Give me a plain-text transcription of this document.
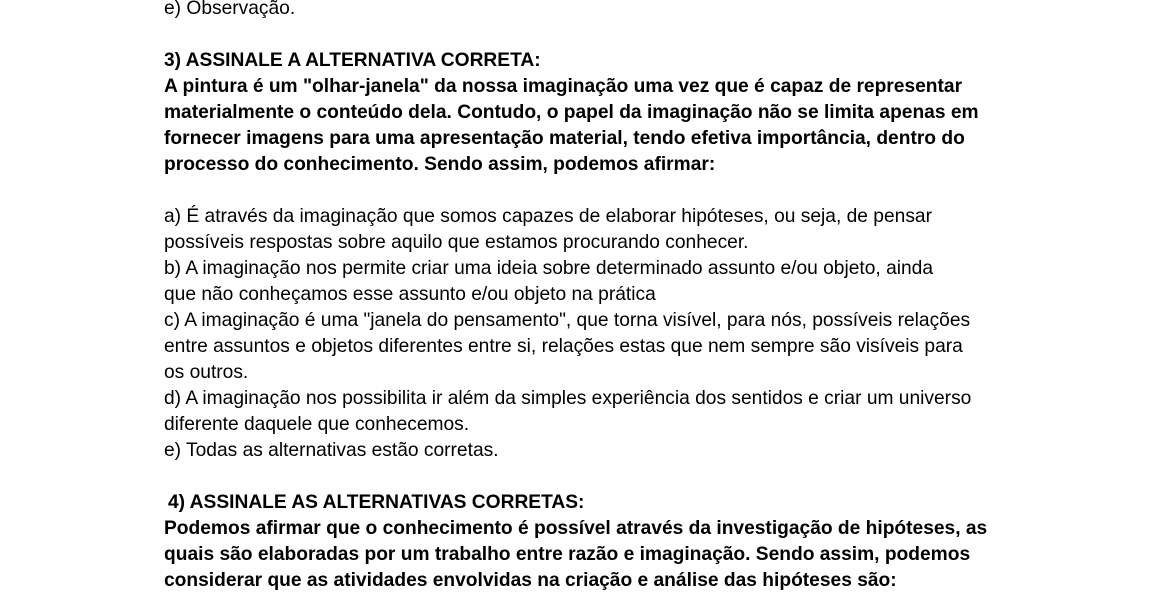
e) Observação.
3) ASSINALE A ALTERNATIVA CORRETA:
A pintura é um "olhar-janela" da nossa imaginação uma vez que é capaz de representar
materialmente o conteúdo dela. Contudo, o papel da imaginação não se limita apenas em
fornecer imagens para uma apresentação material, tendo efetiva importância, dentro do
processo do conhecimento. Sendo assim, podemos afirmar:
a) É através da imaginação que somos capazes de elaborar hipóteses, ou seja, de pensar
possíveis respostas sobre aquilo que estamos procurando conhecer.
b) A imaginação nos permite criar uma ideia sobre determinado assunto e/ou objeto, ainda
que não conheçamos esse assunto e/ou objeto na prática
c) A imaginação é uma "janela do pensamento", que torna visível, para nós, possíveis relações
entre assuntos e objetos diferentes entre si, relações estas que nem sempre são visíveis para
os outros.
d) A imaginação nos possibilita ir além da simples experiência dos sentidos e criar um universo
diferente daquele que conhecemos.
e) Todas as alternativas estão corretas.
4) ASSINALE AS ALTERNATIVAS CORRETAS:
Podemos afirmar que o conhecimento é possível através da investigação de hipóteses, as
quais são elaboradas por um trabalho entre razão e imaginação. Sendo assim, podemos
considerar que as atividades envolvidas na criação e análise das hipóteses são:
